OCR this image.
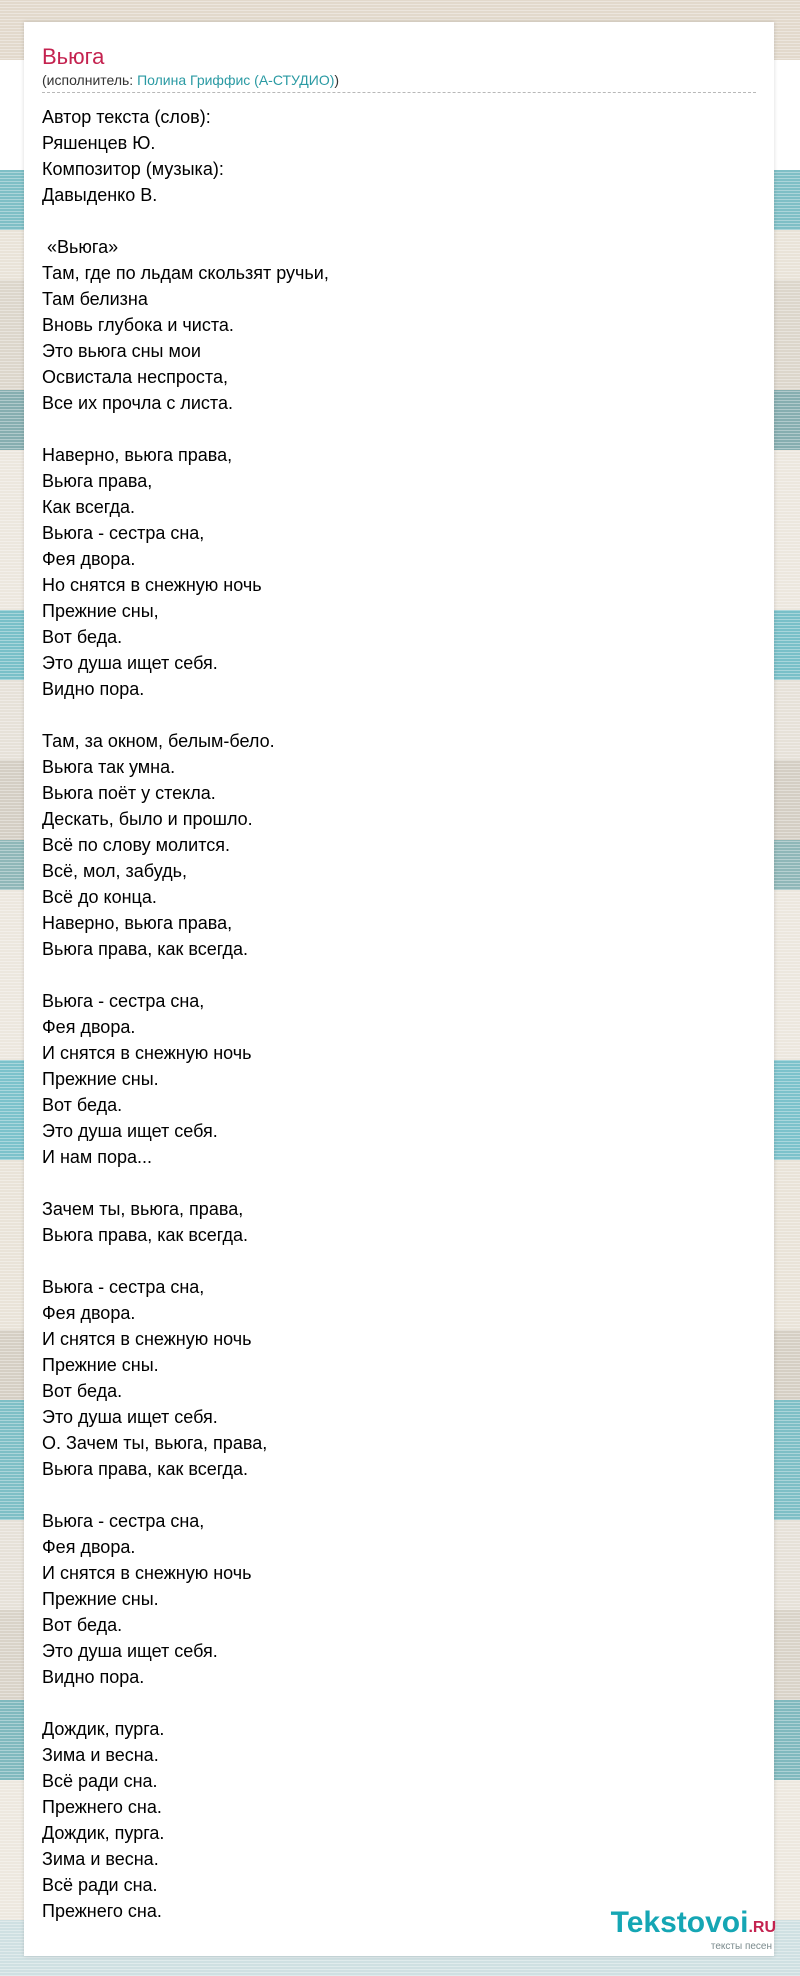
Вьюга
(исполнитель: Полина Гриффис (A-СТУДИО))
Автор текста (слов):
Ряшенцев Ю.
Композитор (музыка):
Давыденко В.

«Вьюга»
Там, где по льдам скользят ручьи,
Там белизна
Вновь глубока и чиста.
Это вьюга сны мои
Освистала неспроста,
Все их прочла с листа.

Наверно, вьюга права,
Вьюга права,
Как всегда.
Вьюга - сестра сна,
Фея двора.
Но снятся в снежную ночь
Прежние сны,
Вот беда.
Это душа ищет себя.
Видно пора.

Там, за окном, белым-бело.
Вьюга так умна.
Вьюга поёт у стекла.
Дескать, было и прошло.
Всё по слову молится.
Всё, мол, забудь,
Всё до конца.
Наверно, вьюга права,
Вьюга права, как всегда.

Вьюга - сестра сна,
Фея двора.
И снятся в снежную ночь
Прежние сны.
Вот беда.
Это душа ищет себя.
И нам пора...

Зачем ты, вьюга, права,
Вьюга права, как всегда.

Вьюга - сестра сна,
Фея двора.
И снятся в снежную ночь
Прежние сны.
Вот беда.
Это душа ищет себя.
О. Зачем ты, вьюга, права,
Вьюга права, как всегда.

Вьюга - сестра сна,
Фея двора.
И снятся в снежную ночь
Прежние сны.
Вот беда.
Это душа ищет себя.
Видно пора.

Дождик, пурга.
Зима и весна.
Всё ради сна.
Прежнего сна.
Дождик, пурга.
Зима и весна.
Всё ради сна.
Прежнего сна.	Tekstovoi.RU
тексты песен
